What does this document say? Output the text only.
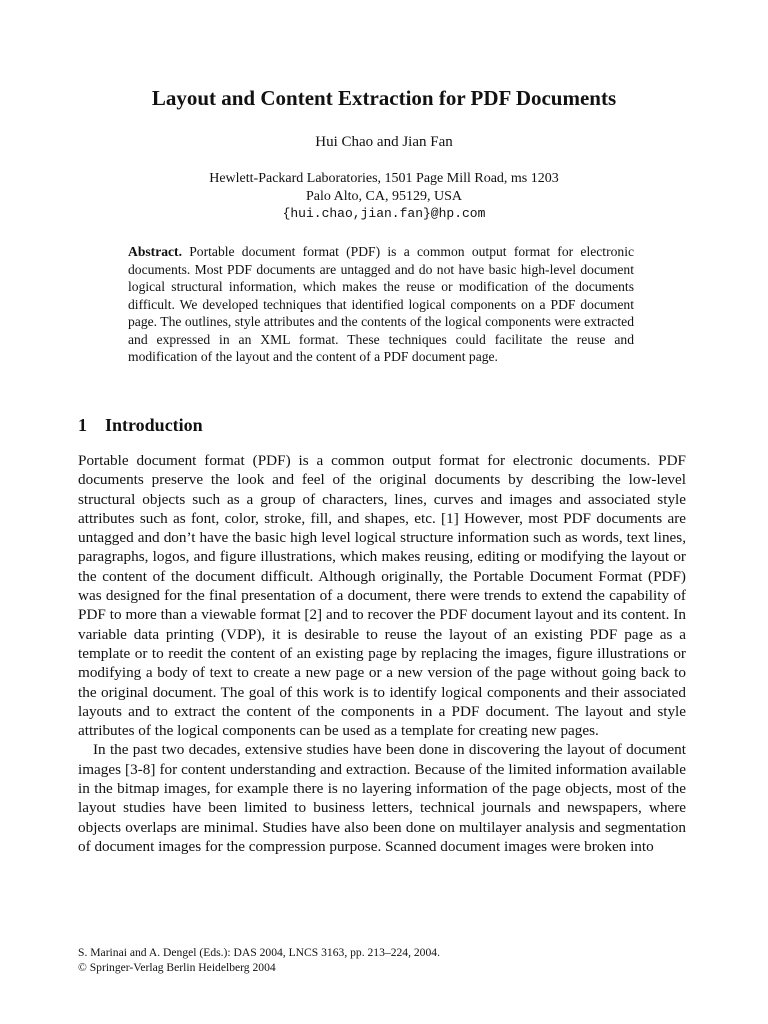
Layout and Content Extraction for PDF Documents
Hui Chao and Jian Fan
Hewlett-Packard Laboratories, 1501 Page Mill Road, ms 1203
Palo Alto, CA, 95129, USA
{hui.chao,jian.fan}@hp.com

Abstract. Portable document format (PDF) is a common output format for electronic documents. Most PDF documents are untagged and do not have basic high-level document logical structural information, which makes the reuse or modification of the documents difficult. We developed techniques that identified logical components on a PDF document page. The outlines, style attributes and the contents of the logical components were extracted and expressed in an XML format. These techniques could facilitate the reuse and modification of the layout and the content of a PDF document page.

1 Introduction

Portable document format (PDF) is a common output format for electronic documents. PDF documents preserve the look and feel of the original documents by describing the low-level structural objects such as a group of characters, lines, curves and images and associated style attributes such as font, color, stroke, fill, and shapes, etc. [1] However, most PDF documents are untagged and don’t have the basic high level logical structure information such as words, text lines, paragraphs, logos, and figure illustrations, which makes reusing, editing or modifying the layout or the content of the document difficult. Although originally, the Portable Document Format (PDF) was designed for the final presentation of a document, there were trends to extend the capability of PDF to more than a viewable format [2] and to recover the PDF document layout and its content. In variable data printing (VDP), it is desirable to reuse the layout of an existing PDF page as a template or to reedit the content of an existing page by replacing the images, figure illustrations or modifying a body of text to create a new page or a new version of the page without going back to the original document. The goal of this work is to identify logical components and their associated layouts and to extract the content of the components in a PDF document. The layout and style attributes of the logical components can be used as a template for creating new pages.

In the past two decades, extensive studies have been done in discovering the layout of document images [3-8] for content understanding and extraction. Because of the limited information available in the bitmap images, for example there is no layering information of the page objects, most of the layout studies have been limited to business letters, technical journals and newspapers, where objects overlaps are minimal. Studies have also been done on multilayer analysis and segmentation of document images for the compression purpose. Scanned document images were broken into

S. Marinai and A. Dengel (Eds.): DAS 2004, LNCS 3163, pp. 213–224, 2004.
© Springer-Verlag Berlin Heidelberg 2004
